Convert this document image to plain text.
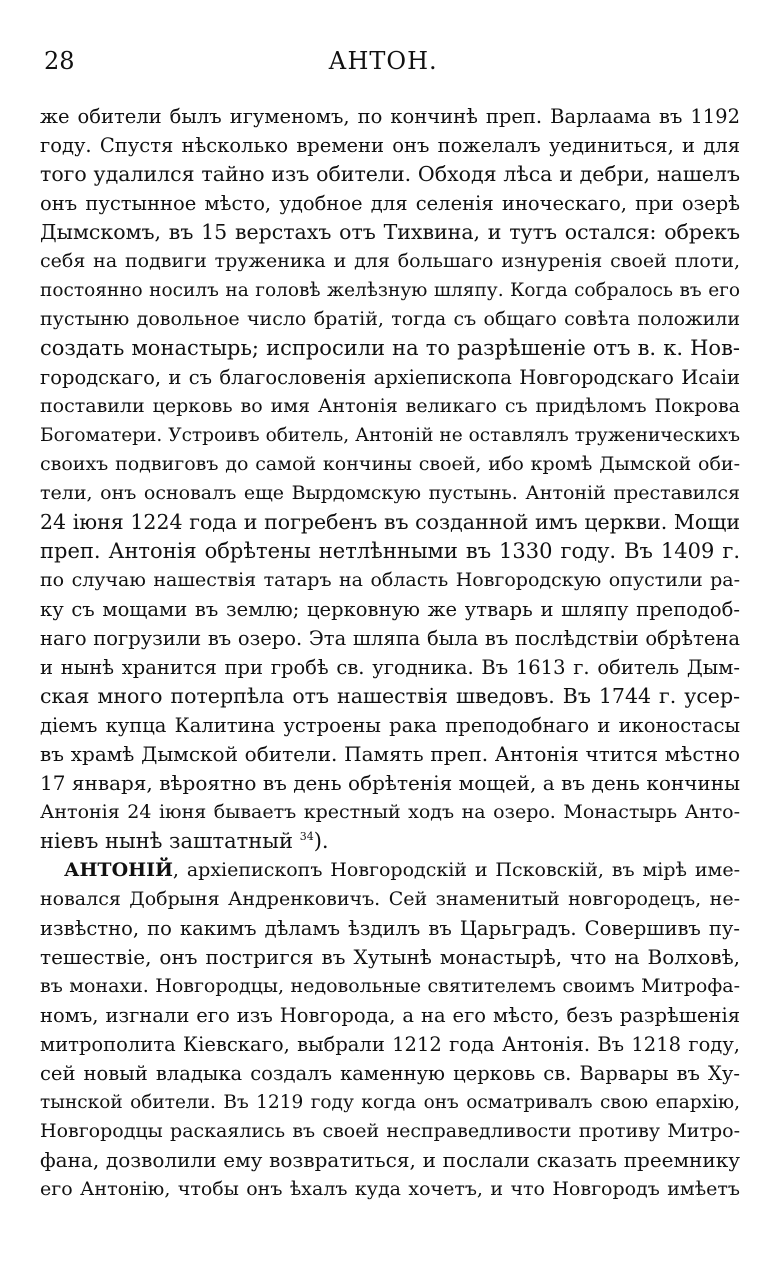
28	АНТОН.
же обители былъ игуменомъ, по кончинѣ преп. Варлаама въ 1192
году. Спустя нѣсколько времени онъ пожелалъ уединиться, и для
того удалился тайно изъ обители. Обходя лѣса и дебри, нашелъ
онъ пустынное мѣсто, удобное для селенія иноческаго, при озерѣ
Дымскомъ, въ 15 верстахъ отъ Тихвина, и тутъ остался: обрекъ
себя на подвиги труженика и для большаго изнуренія своей плоти,
постоянно носилъ на головѣ желѣзную шляпу. Когда собралось въ его
пустыню довольное число братій, тогда съ общаго совѣта положили
создать монастырь; испросили на то разрѣшеніе отъ в. к. Нов-
городскаго, и съ благословенія архіепископа Новгородскаго Исаіи
поставили церковь во имя Антонія великаго съ придѣломъ Покрова
Богоматери. Устроивъ обитель, Антоній не оставлялъ труженическихъ
своихъ подвиговъ до самой кончины своей, ибо кромѣ Дымской оби-
тели, онъ основалъ еще Вырдомскую пустынь. Антоній преставился
24 іюня 1224 года и погребенъ въ созданной имъ церкви. Мощи
преп. Антонія обрѣтены нетлѣнными въ 1330 году. Въ 1409 г.
по случаю нашествія татаръ на область Новгородскую опустили ра-
ку съ мощами въ землю; церковную же утварь и шляпу преподоб-
наго погрузили въ озеро. Эта шляпа была въ послѣдствіи обрѣтена
и нынѣ хранится при гробѣ св. угодника. Въ 1613 г. обитель Дым-
ская много потерпѣла отъ нашествія шведовъ. Въ 1744 г. усер-
діемъ купца Калитина устроены рака преподобнаго и иконостасы
въ храмѣ Дымской обители. Память преп. Антонія чтится мѣстно
17 января, вѣроятно въ день обрѣтенія мощей, а въ день кончины
Антонія 24 іюня бываетъ крестный ходъ на озеро. Монастырь Анто-
ніевъ нынѣ заштатный $^{34}$).
АНТОНІЙ, архіепископъ Новгородскій и Псковскій, въ мірѣ име-
новался Добрыня Андренковичъ. Сей знаменитый новгородецъ, не-
извѣстно, по какимъ дѣламъ ѣздилъ въ Царьградъ. Совершивъ пу-
тешествіе, онъ постригся въ Хутынѣ монастырѣ, что на Волховѣ,
въ монахи. Новгородцы, недовольные святителемъ своимъ Митрофа-
номъ, изгнали его изъ Новгорода, а на его мѣсто, безъ разрѣшенія
митрополита Кіевскаго, выбрали 1212 года Антонія. Въ 1218 году,
сей новый владыка создалъ каменную церковь св. Варвары въ Ху-
тынской обители. Въ 1219 году когда онъ осматривалъ свою епархію,
Новгородцы раскаялись въ своей несправедливости противу Митро-
фана, дозволили ему возвратиться, и послали сказать преемнику
его Антонію, чтобы онъ ѣхалъ куда хочетъ, и что Новгородъ имѣетъ
